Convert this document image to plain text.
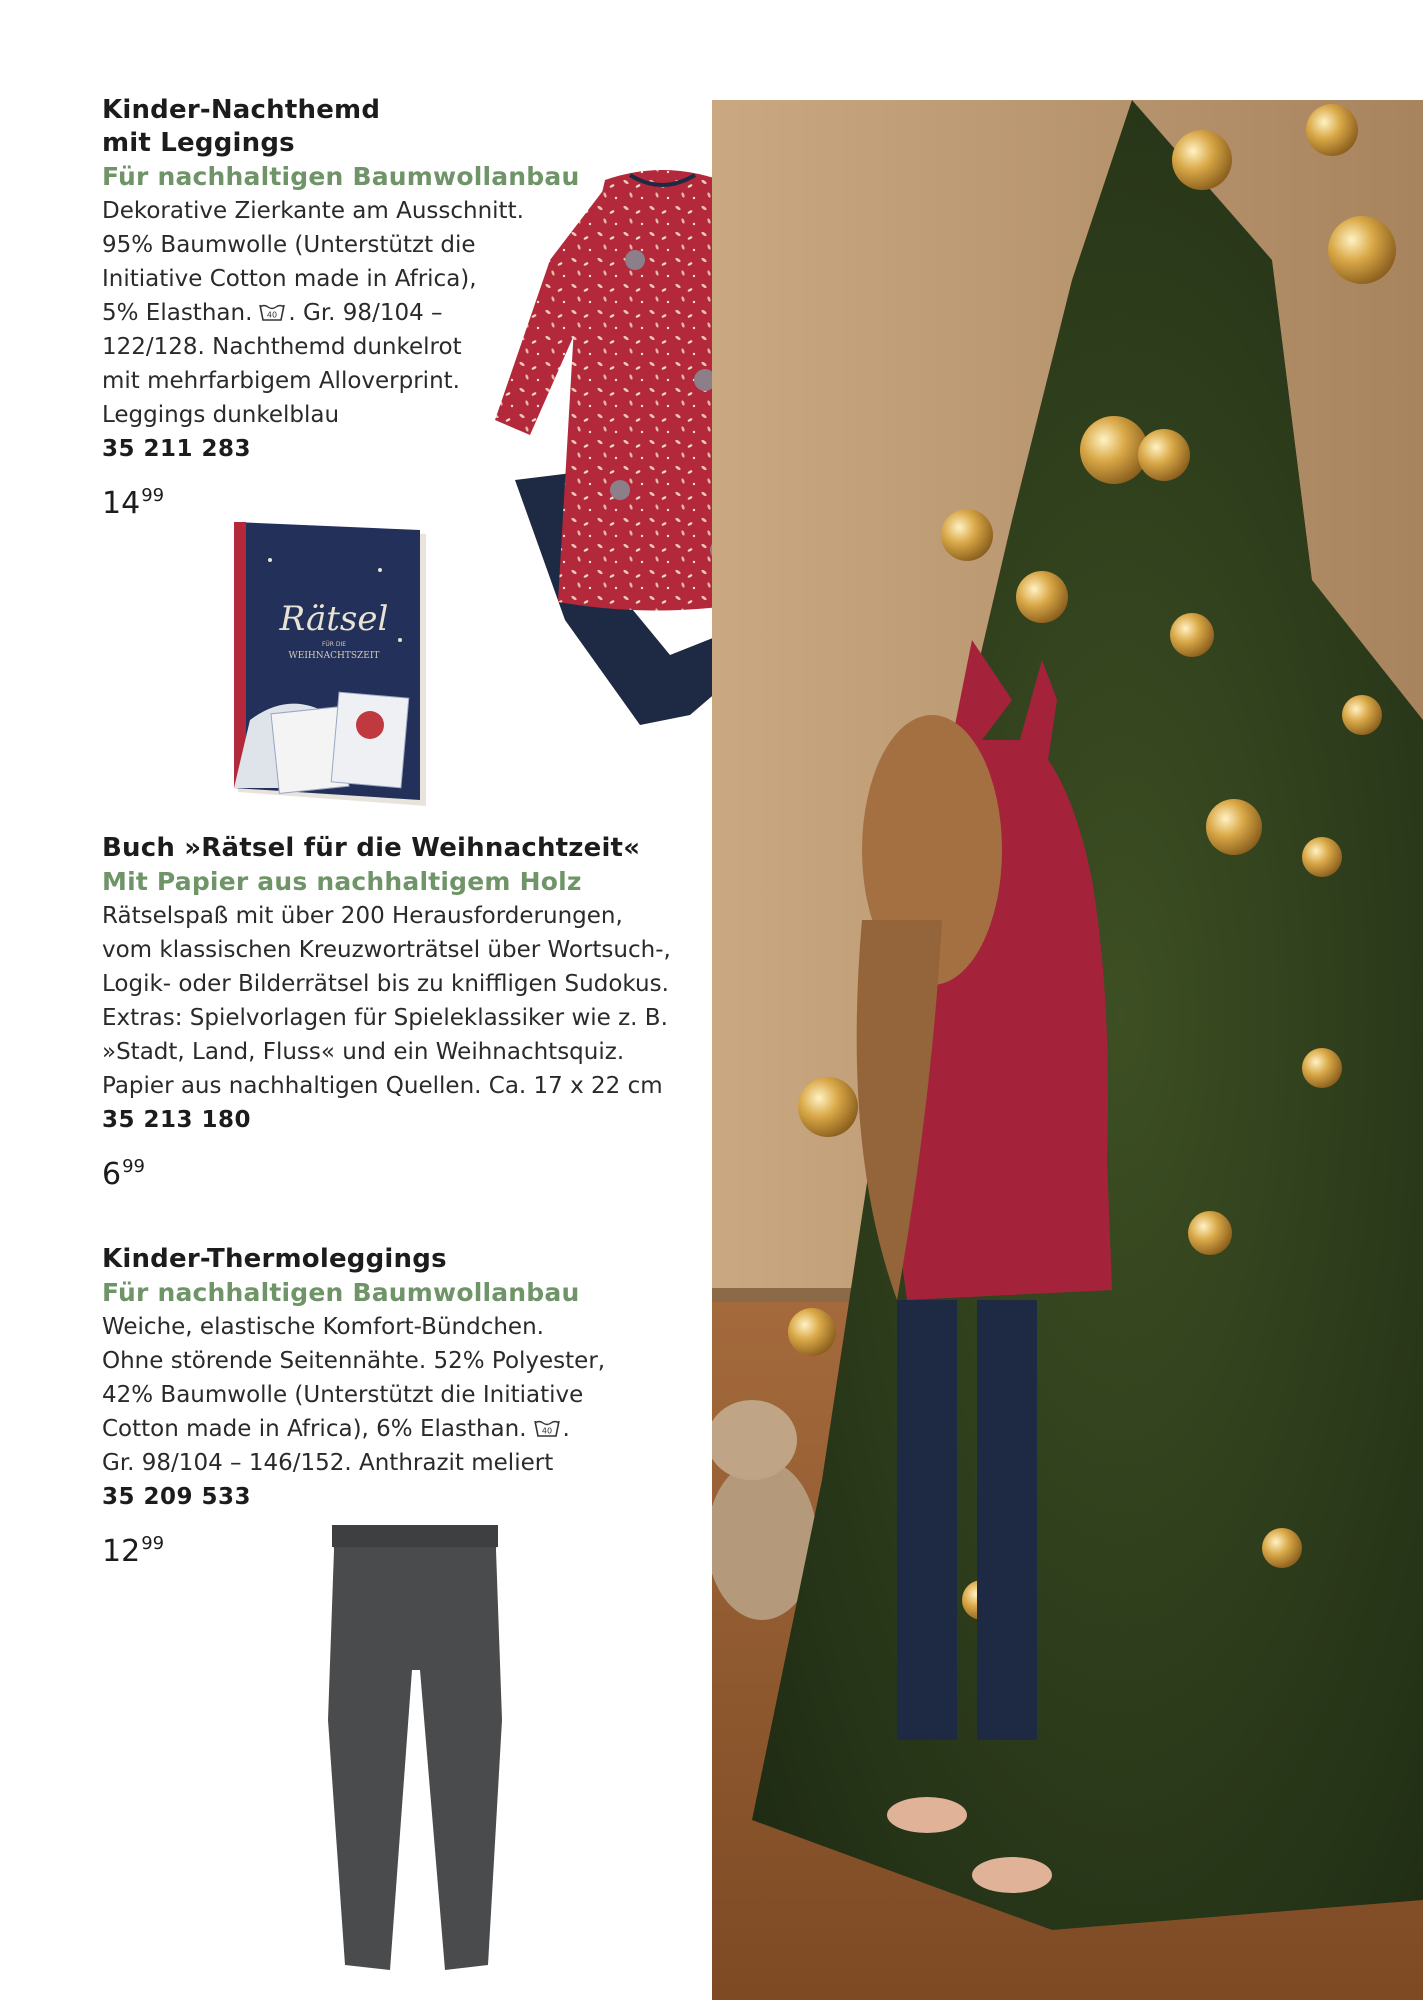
Kinder-Nachthemd
mit Leggings

Für nachhaltigen Baumwollanbau

Dekorative Zierkante am Ausschnitt.

95% Baumwolle (Unterstützt die

Initiative Cotton made in Africa),

5% Elasthan. 40 . Gr. 98/104 –

122/128. Nachthemd dunkelrot

mit mehrfarbigem Alloverprint.

Leggings dunkelblau

35 211 283

$14^{99}$
Rätsel
FÜR DIE
WEIHNACHTSZEIT

Buch »Rätsel für die Weihnachtzeit«

Mit Papier aus nachhaltigem Holz

Rätselspaß mit über 200 Herausforderungen,

vom klassischen Kreuzworträtsel über Wortsuch-,

Logik- oder Bilderrätsel bis zu kniffligen Sudokus.

Extras: Spielvorlagen für Spieleklassiker wie z. B.

»Stadt, Land, Fluss« und ein Weihnachtsquiz.

Papier aus nachhaltigen Quellen. Ca. 17 x 22 cm

35 213 180

$6^{99}$

Kinder-Thermoleggings

Für nachhaltigen Baumwollanbau

Weiche, elastische Komfort-Bündchen.

Ohne störende Seitennähte. 52% Polyester,

42% Baumwolle (Unterstützt die Initiative

Cotton made in Africa), 6% Elasthan. 40 .

Gr. 98/104 – 146/152. Anthrazit meliert

35 209 533

$12^{99}$
